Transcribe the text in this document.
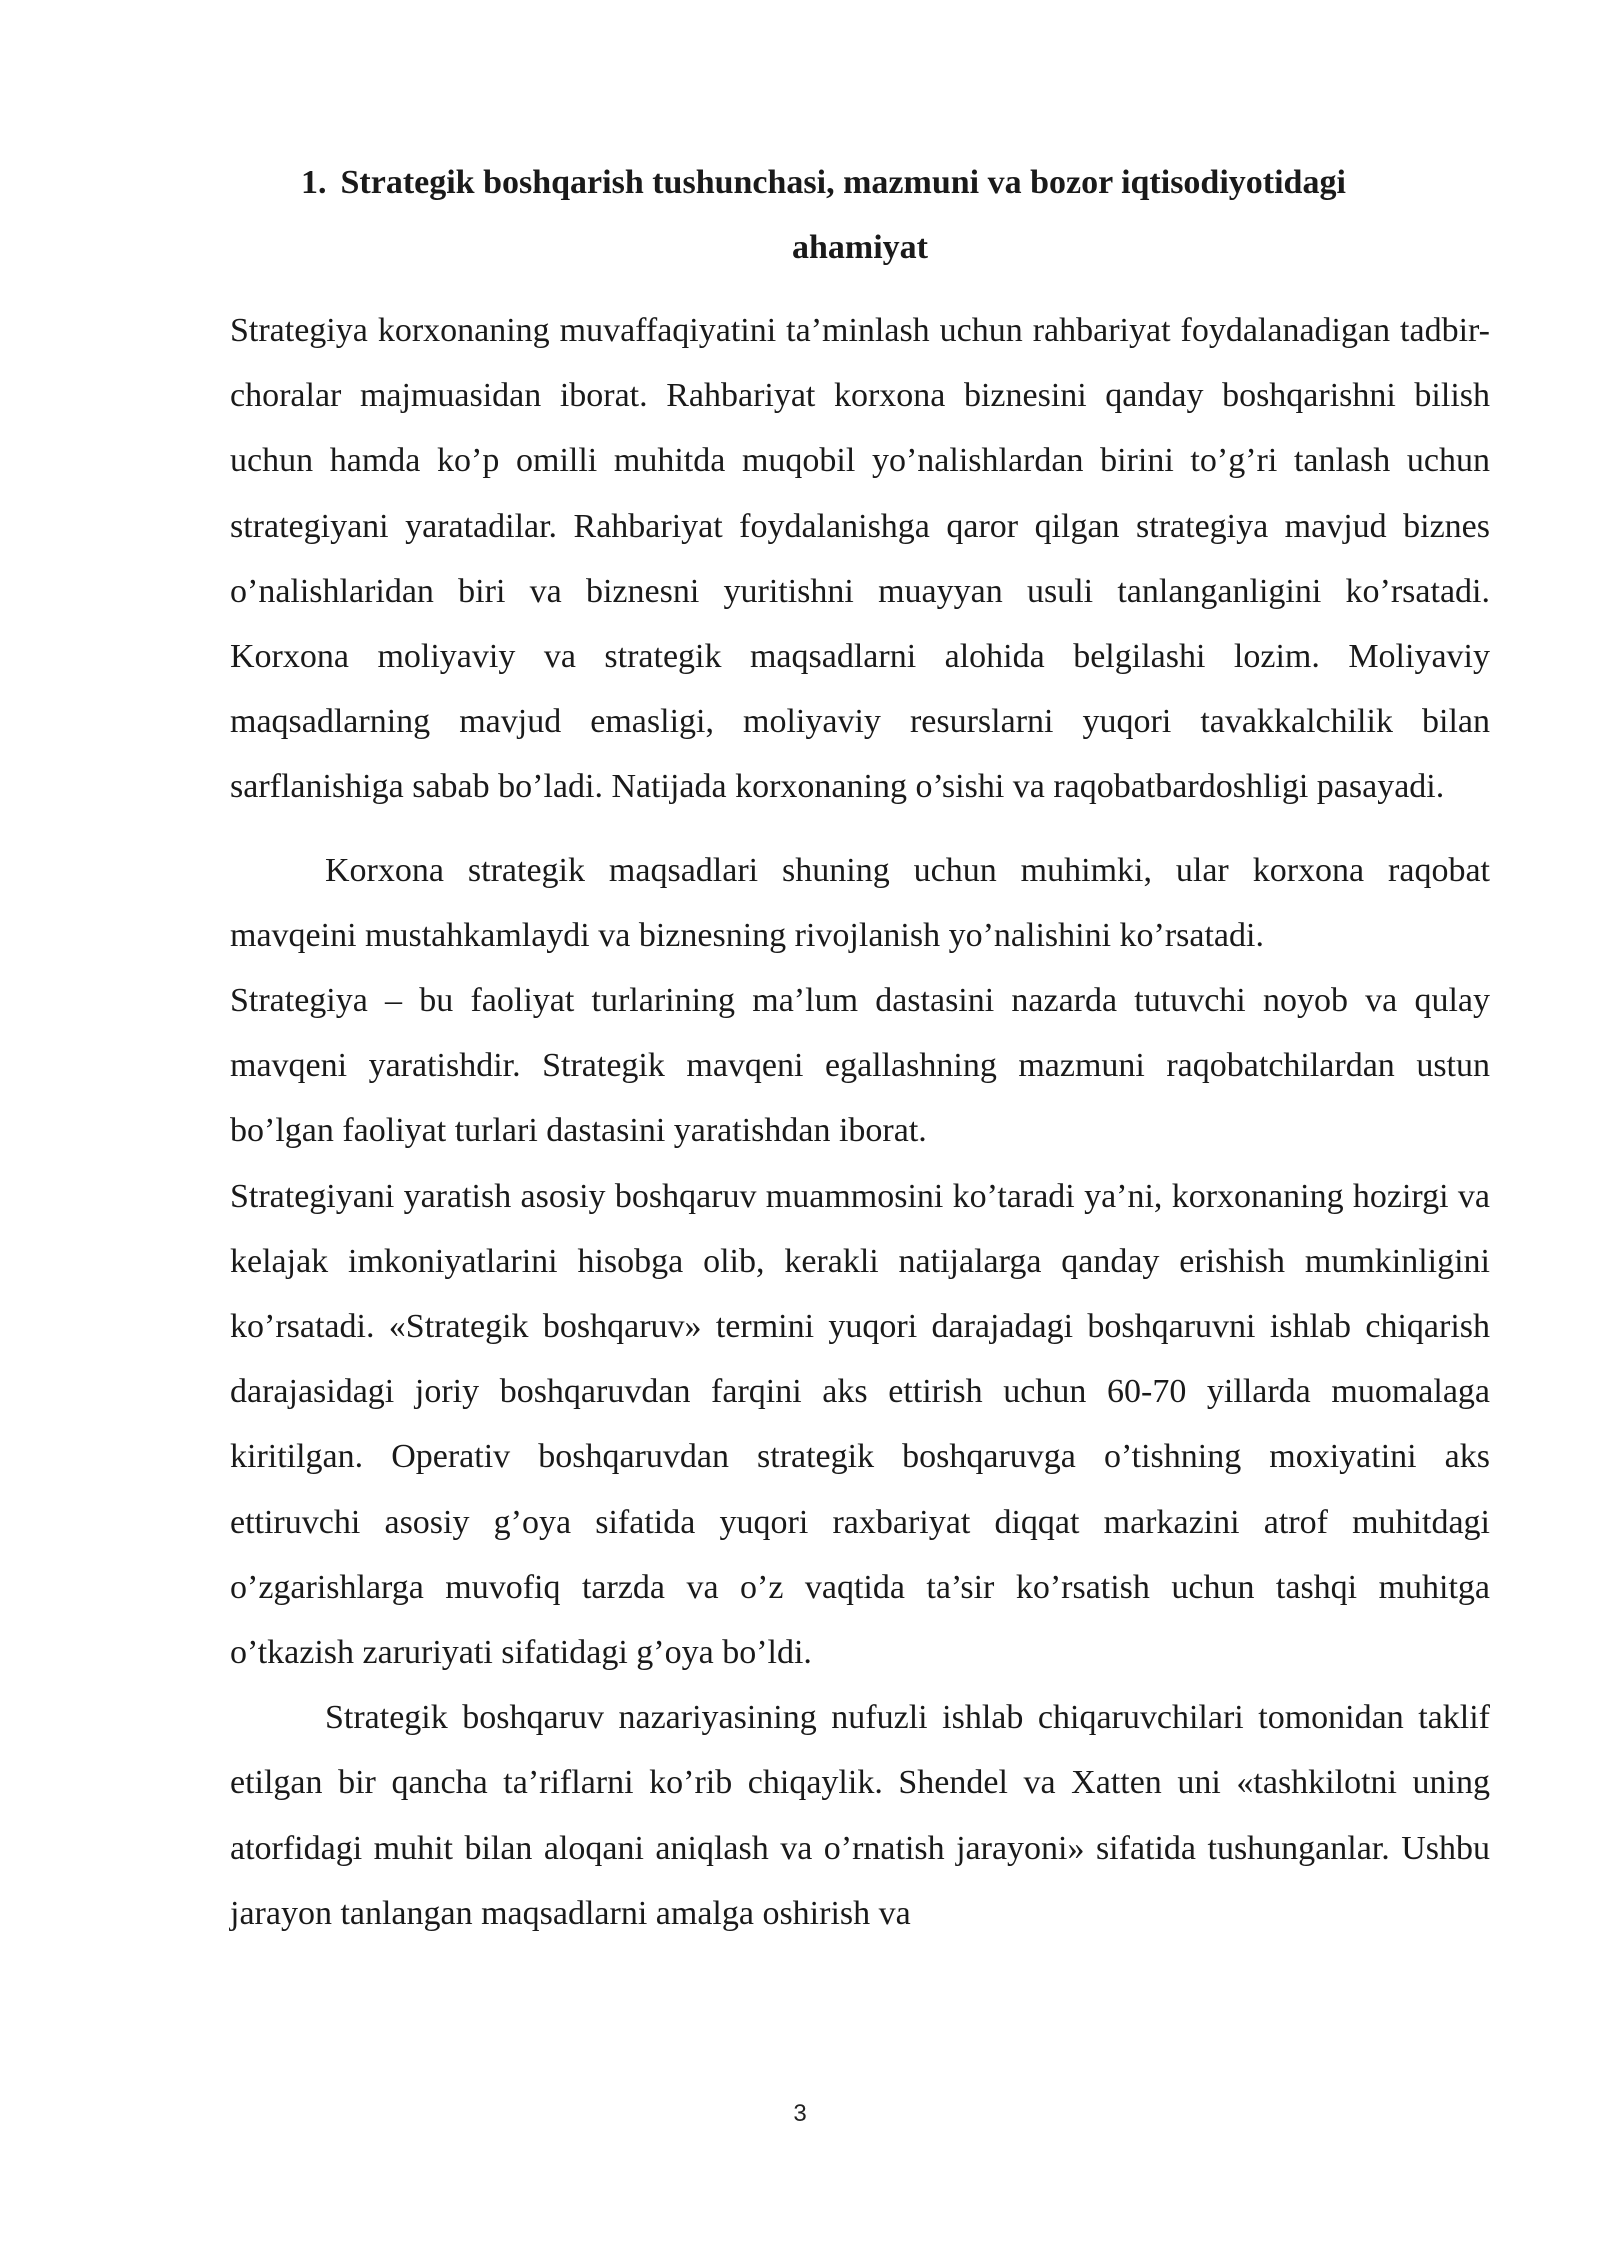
1. Strategik boshqarish tushunchasi, mazmuni va bozor iqtisodiyotidagi
ahamiyat

Strategiya korxonaning muvaffaqiyatini ta’minlash uchun rahbariyat foydalanadigan tadbir-choralar majmuasidan iborat. Rahbariyat korxona biznesini qanday boshqarishni bilish uchun hamda ko’p omilli muhitda muqobil yo’nalishlardan birini to’g’ri tanlash uchun strategiyani yaratadilar. Rahbariyat foydalanishga qaror qilgan strategiya mavjud biznes o’nalishlaridan biri va biznesni yuritishni muayyan usuli tanlanganligini ko’rsatadi. Korxona moliyaviy va strategik maqsadlarni alohida belgilashi lozim. Moliyaviy maqsadlarning mavjud emasligi, moliyaviy resurslarni yuqori tavakkalchilik bilan sarflanishiga sabab bo’ladi. Natijada korxonaning o’sishi va raqobatbardoshligi pasayadi.

Korxona strategik maqsadlari shuning uchun muhimki, ular korxona raqobat mavqeini mustahkamlaydi va biznesning rivojlanish yo’nalishini ko’rsatadi.

Strategiya – bu faoliyat turlarining ma’lum dastasini nazarda tutuvchi noyob va qulay mavqeni yaratishdir. Strategik mavqeni egallashning mazmuni raqobatchilardan ustun bo’lgan faoliyat turlari dastasini yaratishdan iborat.

Strategiyani yaratish asosiy boshqaruv muammosini ko’taradi ya’ni, korxonaning hozirgi va kelajak imkoniyatlarini hisobga olib, kerakli natijalarga qanday erishish mumkinligini ko’rsatadi. «Strategik boshqaruv» termini yuqori darajadagi boshqaruvni ishlab chiqarish darajasidagi joriy boshqaruvdan farqini aks ettirish uchun 60-70 yillarda muomalaga kiritilgan. Operativ boshqaruvdan strategik boshqaruvga o’tishning moxiyatini aks ettiruvchi asosiy g’oya sifatida yuqori raxbariyat diqqat markazini atrof muhitdagi o’zgarishlarga muvofiq tarzda va o’z vaqtida ta’sir ko’rsatish uchun tashqi muhitga o’tkazish zaruriyati sifatidagi g’oya bo’ldi.

Strategik boshqaruv nazariyasining nufuzli ishlab chiqaruvchilari tomonidan taklif etilgan bir qancha ta’riflarni ko’rib chiqaylik. Shendel va Xatten uni «tashkilotni uning atorfidagi muhit bilan aloqani aniqlash va o’rnatish jarayoni» sifatida tushunganlar. Ushbu jarayon tanlangan maqsadlarni amalga oshirish va

3
